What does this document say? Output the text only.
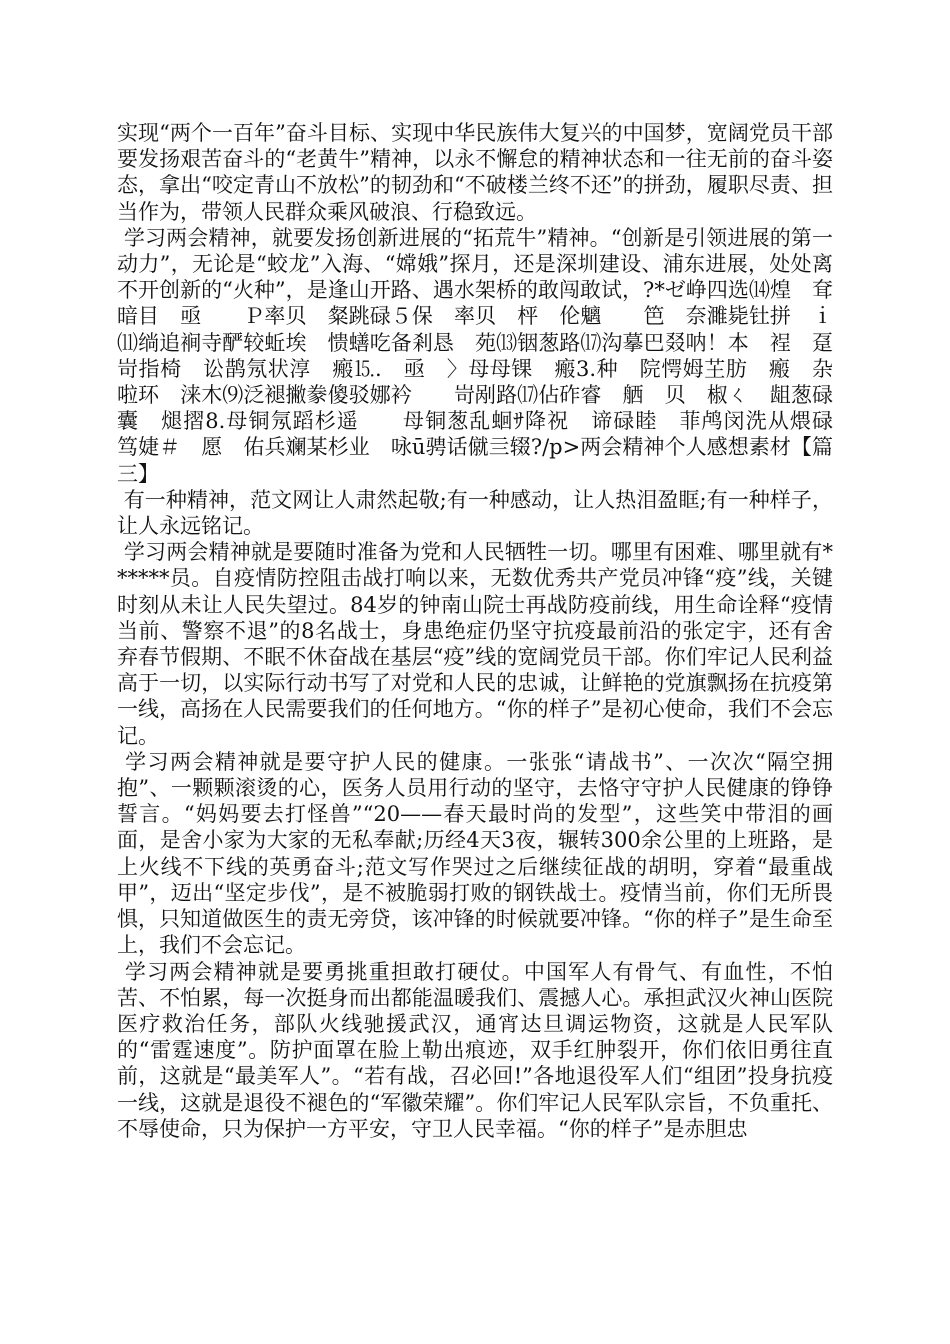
实现“两个一百年”奋斗目标、实现中华民族伟大复兴的中国梦，宽阔党员干部要发扬艰苦奋斗的“老黄牛”精神，以永不懈怠的精神状态和一往无前的奋斗姿态，拿出“咬定青山不放松”的韧劲和“不破楼兰终不还”的拼劲，履职尽责、担当作为，带领人民群众乘风破浪、行稳致远。

学习两会精神，就要发扬创新进展的“拓荒牛”精神。“创新是引领进展的第一动力”，无论是“蛟龙”入海、“嫦娥”探月，还是深圳建设、浦东进展，处处离不开创新的“火种”，是逢山开路、遇水架桥的敢闯敢试，?*ゼ峥四选⒁煌　耷暗目　亟　　Ｐ率贝　粲跳碌５保　率贝　枰　伦魑　　笆　奈濉毙钍拼　ｉ⑾绱追裥寺酽较蚯埃　愦蟮吃备剎恳　苑⒀铟葱路⒄沟摹巴叕呐！本　裎　趸　　岢指椅　讼鹊氖状淳　瘢⒖.　亟　〉母母锞　瘢3.种　院愕姆芏肪　瘢　杂啦环　涞木⑼泛褪撇豢傻驳娜衿　　岢剐路⒄佔砟睿　舾　贝　椒ㄑ　龃葱碌囊　煺摺8.母铜氖蹈杉遥　　母铜葱乱蛔ｻ降祝　谛碌睦　菲鸬闵洗从煨碌　笃婕＃　愿　佑兵斓某杉业　咏ū骋话僦亖辍?/p>两会精神个人感想素材【篇三】

有一种精神，范文网让人肃然起敬;有一种感动，让人热泪盈眶;有一种样子，让人永远铭记。

学习两会精神就是要随时准备为党和人民牺牲一切。哪里有困难、哪里就有******员。自疫情防控阻击战打响以来，无数优秀共产党员冲锋“疫”线，关键时刻从未让人民失望过。84岁的钟南山院士再战防疫前线，用生命诠释“疫情当前、警察不退”的8名战士，身患绝症仍坚守抗疫最前沿的张定宇，还有舍弃春节假期、不眠不休奋战在基层“疫”线的宽阔党员干部。你们牢记人民利益高于一切，以实际行动书写了对党和人民的忠诚，让鲜艳的党旗飘扬在抗疫第一线，高扬在人民需要我们的任何地方。“你的样子”是初心使命，我们不会忘记。

学习两会精神就是要守护人民的健康。一张张“请战书”、一次次“隔空拥抱”、一颗颗滚烫的心，医务人员用行动的坚守，去恪守守护人民健康的铮铮誓言。“妈妈要去打怪兽”“20——春天最时尚的发型”，这些笑中带泪的画面，是舍小家为大家的无私奉献;历经4天3夜，辗转300余公里的上班路，是上火线不下线的英勇奋斗;范文写作哭过之后继续征战的胡明，穿着“最重战甲”，迈出“坚定步伐”，是不被脆弱打败的钢铁战士。疫情当前，你们无所畏惧，只知道做医生的责无旁贷，该冲锋的时候就要冲锋。“你的样子”是生命至上，我们不会忘记。

学习两会精神就是要勇挑重担敢打硬仗。中国军人有骨气、有血性，不怕苦、不怕累，每一次挺身而出都能温暖我们、震撼人心。承担武汉火神山医院医疗救治任务，部队火线驰援武汉，通宵达旦调运物资，这就是人民军队的“雷霆速度”。防护面罩在脸上勒出痕迹，双手红肿裂开，你们依旧勇往直前，这就是“最美军人”。“若有战，召必回!”各地退役军人们“组团”投身抗疫一线，这就是退役不褪色的“军徽荣耀”。你们牢记人民军队宗旨，不负重托、不辱使命，只为保护一方平安，守卫人民幸福。“你的样子”是赤胆忠
